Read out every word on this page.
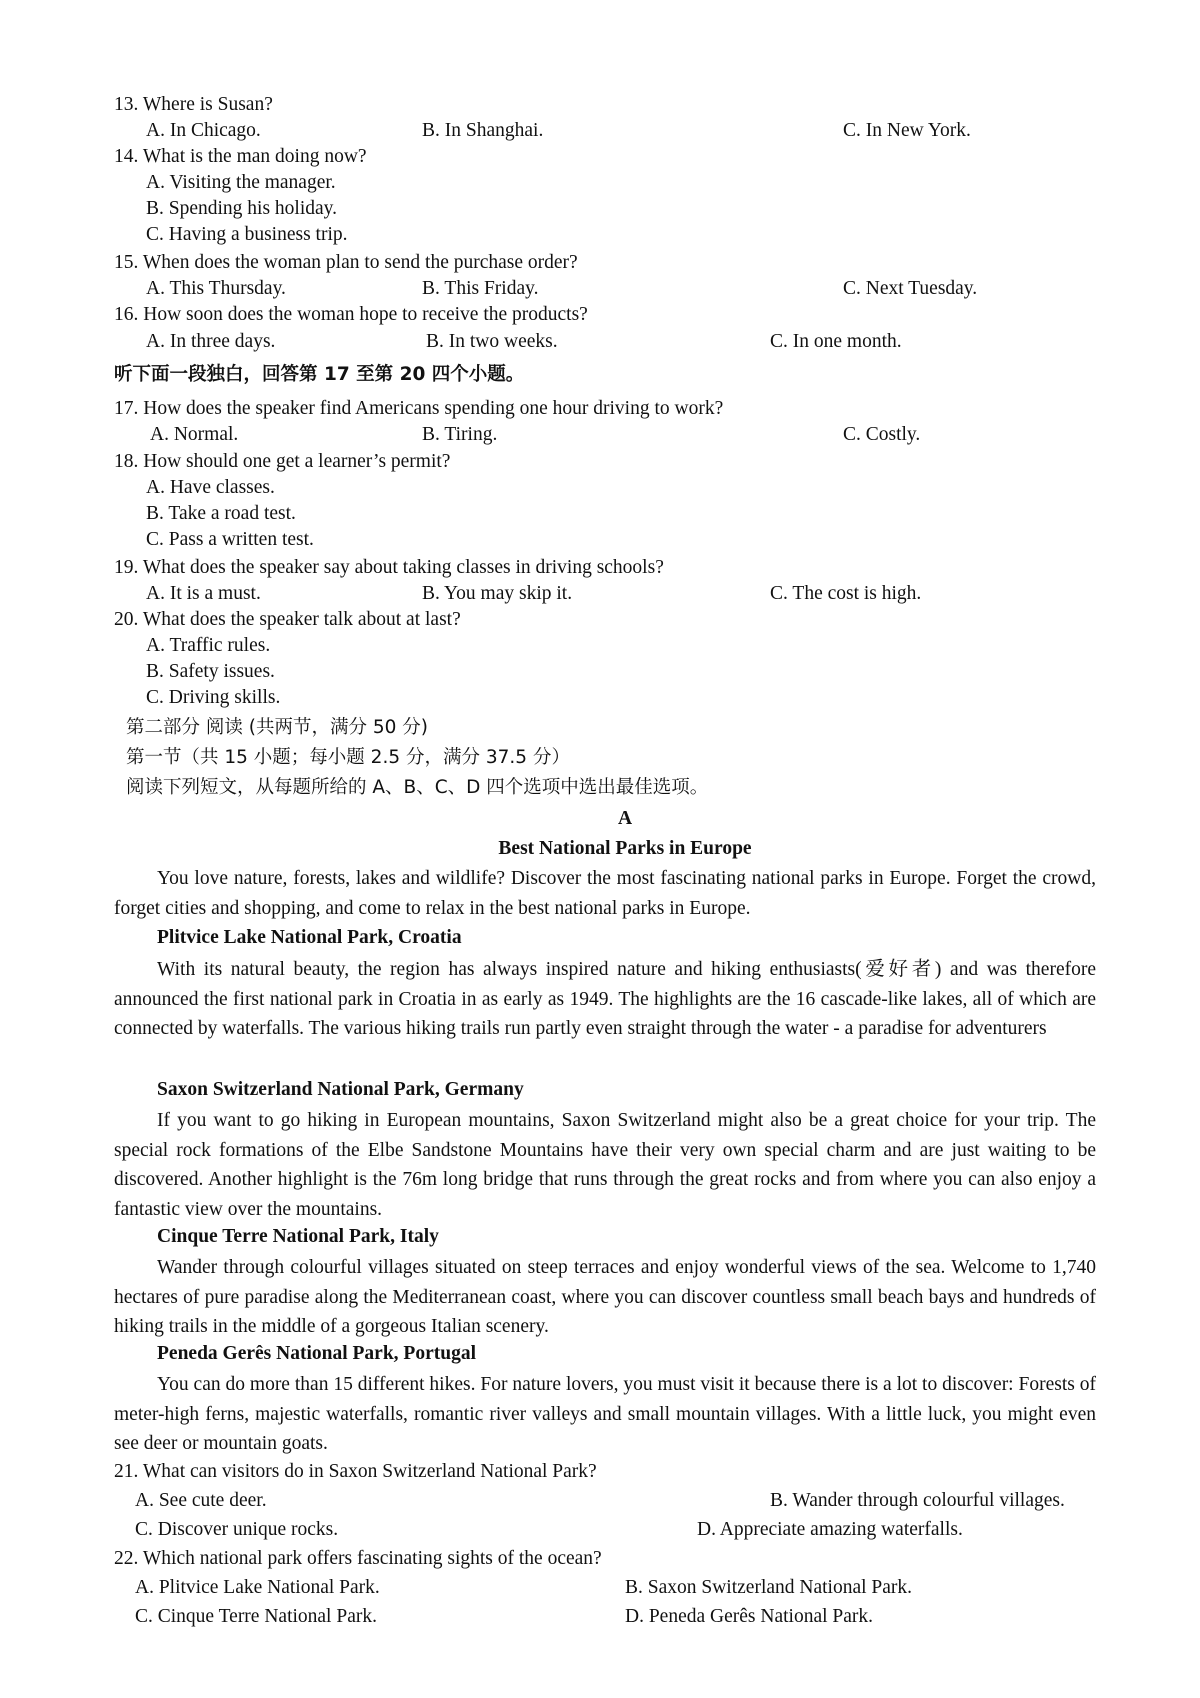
13. Where is Susan?
A. In Chicago.	B. In Shanghai.	C. In New York.
14. What is the man doing now?
A. Visiting the manager.
B. Spending his holiday.
C. Having a business trip.
15. When does the woman plan to send the purchase order?
A. This Thursday.	B. This Friday.	C. Next Tuesday.
16. How soon does the woman hope to receive the products?
A. In three days.	B. In two weeks.	C. In one month.
听下面一段独白，回答第 17 至第 20 四个小题。
17. How does the speaker find Americans spending one hour driving to work?
A. Normal.	B. Tiring.	C. Costly.
18. How should one get a learner’s permit?
A. Have classes.
B. Take a road test.
C. Pass a written test.
19. What does the speaker say about taking classes in driving schools?
A. It is a must.	B. You may skip it.	C. The cost is high.
20. What does the speaker talk about at last?
A. Traffic rules.
B. Safety issues.
C. Driving skills.
第二部分 阅读 (共两节，满分 50 分)
第一节（共 15 小题；每小题 2.5 分，满分 37.5 分）
阅读下列短文，从每题所给的 A、B、C、D 四个选项中选出最佳选项。
A
Best National Parks in Europe

You love nature, forests, lakes and wildlife? Discover the most fascinating national parks in Europe. Forget the crowd, forget cities and shopping, and come to relax in the best national parks in Europe.

Plitvice Lake National Park, Croatia

With its natural beauty, the region has always inspired nature and hiking enthusiasts(爱好者) and was therefore announced the first national park in Croatia in as early as 1949. The highlights are the 16 cascade-like lakes, all of which are connected by waterfalls. The various hiking trails run partly even straight through the water - a paradise for adventurers

Saxon Switzerland National Park, Germany

If you want to go hiking in European mountains, Saxon Switzerland might also be a great choice for your trip. The special rock formations of the Elbe Sandstone Mountains have their very own special charm and are just waiting to be discovered. Another highlight is the 76m long bridge that runs through the great rocks and from where you can also enjoy a fantastic view over the mountains.

Cinque Terre National Park, Italy

Wander through colourful villages situated on steep terraces and enjoy wonderful views of the sea. Welcome to 1,740 hectares of pure paradise along the Mediterranean coast, where you can discover countless small beach bays and hundreds of hiking trails in the middle of a gorgeous Italian scenery.

Peneda Gerês National Park, Portugal

You can do more than 15 different hikes. For nature lovers, you must visit it because there is a lot to discover: Forests of meter-high ferns, majestic waterfalls, romantic river valleys and small mountain villages. With a little luck, you might even see deer or mountain goats.

21. What can visitors do in Saxon Switzerland National Park?
A. See cute deer.	B. Wander through colourful villages.
C. Discover unique rocks.	D. Appreciate amazing waterfalls.
22. Which national park offers fascinating sights of the ocean?
A. Plitvice Lake National Park.	B. Saxon Switzerland National Park.
C. Cinque Terre National Park.	D. Peneda Gerês National Park.
